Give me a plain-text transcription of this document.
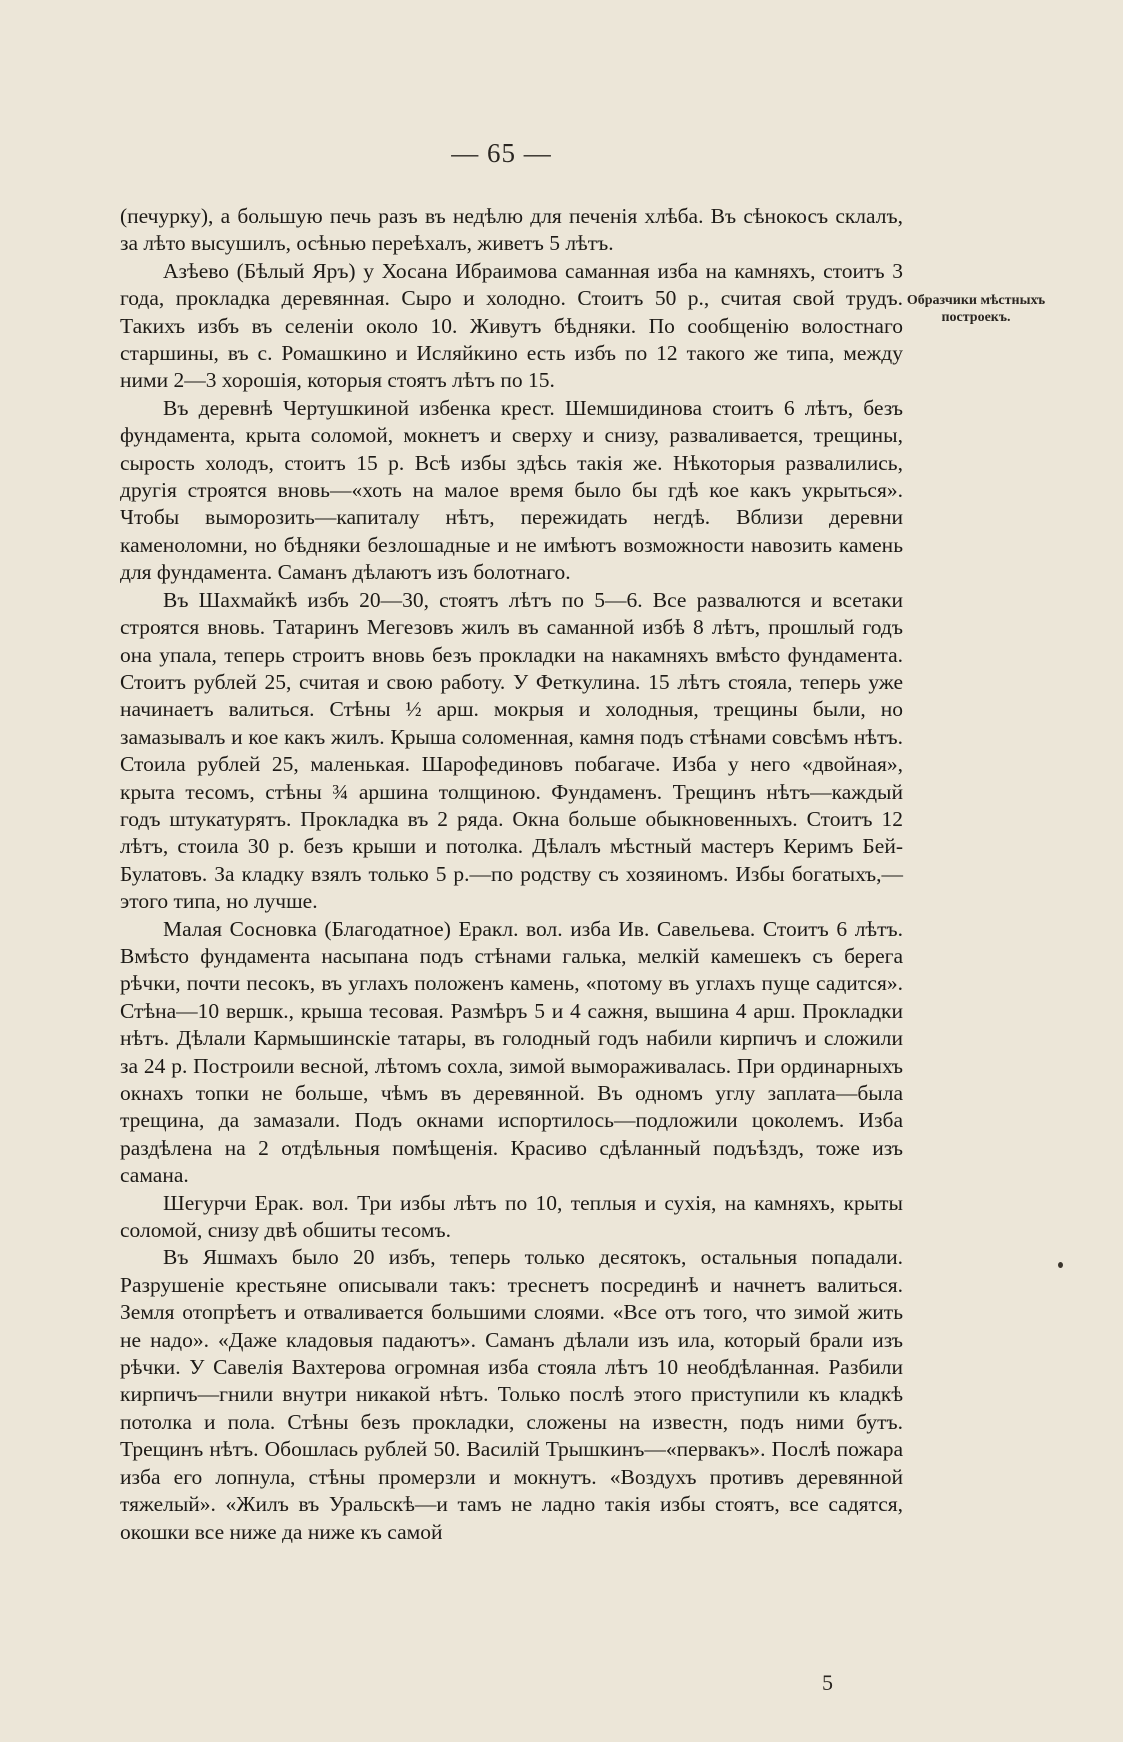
— 65 —

(печурку), а большую печь разъ въ недѣлю для печенія хлѣба. Въ сѣнокосъ склалъ, за лѣто высушилъ, осѣнью переѣхалъ, живетъ 5 лѣтъ.

Азѣево (Бѣлый Яръ) у Хосана Ибраимова саманная изба на камняхъ, стоитъ 3 года, прокладка деревянная. Сыро и холодно. Стоитъ 50 р., считая свой трудъ. Такихъ избъ въ селеніи около 10. Живутъ бѣдняки. По сообщенію волостнаго старшины, въ с. Ромашкино и Исляйкино есть избъ по 12 такого же типа, между ними 2—3 хорошія, которыя стоятъ лѣтъ по 15.

Въ деревнѣ Чертушкиной избенка крест. Шемшидинова стоитъ 6 лѣтъ, безъ фундамента, крыта соломой, мокнетъ и сверху и снизу, разваливается, трещины, сырость холодъ, стоитъ 15 р. Всѣ избы здѣсь такія же. Нѣкоторыя развалились, другія строятся вновь—«хоть на малое время было бы гдѣ кое какъ укрыться». Чтобы выморозить—капиталу нѣтъ, пережидать негдѣ. Вблизи деревни каменоломни, но бѣдняки безлошадные и не имѣютъ возможности навозить камень для фундамента. Саманъ дѣлаютъ изъ болотнаго.

Въ Шахмайкѣ избъ 20—30, стоятъ лѣтъ по 5—6. Все развалются и всетаки строятся вновь. Татаринъ Мегезовъ жилъ въ саманной избѣ 8 лѣтъ, прошлый годъ она упала, теперь строитъ вновь безъ прокладки на накамняхъ вмѣсто фундамента. Стоитъ рублей 25, считая и свою работу. У Феткулина. 15 лѣтъ стояла, теперь уже начинаетъ валиться. Стѣны ½ арш. мокрыя и холодныя, трещины были, но замазывалъ и кое какъ жилъ. Крыша соломенная, камня подъ стѣнами совсѣмъ нѣтъ. Стоила рублей 25, маленькая. Шарофединовъ побагаче. Изба у него «двойная», крыта тесомъ, стѣны ¾ аршина толщиною. Фундаменъ. Трещинъ нѣтъ—каждый годъ штукатурятъ. Прокладка въ 2 ряда. Окна больше обыкновенныхъ. Стоитъ 12 лѣтъ, стоила 30 р. безъ крыши и потолка. Дѣлалъ мѣстный мастеръ Керимъ Бей-Булатовъ. За кладку взялъ только 5 р.—по родству съ хозяиномъ. Избы богатыхъ,—этого типа, но лучше.

Малая Сосновка (Благодатное) Еракл. вол. изба Ив. Савельева. Стоитъ 6 лѣтъ. Вмѣсто фундамента насыпана подъ стѣнами галька, мелкій камешекъ съ берега рѣчки, почти песокъ, въ углахъ положенъ камень, «потому въ углахъ пуще садится». Стѣна—10 вершк., крыша тесовая. Размѣръ 5 и 4 сажня, вышина 4 арш. Прокладки нѣтъ. Дѣлали Кармышинскіе татары, въ голодный годъ набили кирпичъ и сложили за 24 р. Построили весной, лѣтомъ сохла, зимой вымораживалась. При ординарныхъ окнахъ топки не больше, чѣмъ въ деревянной. Въ одномъ углу заплата—была трещина, да замазали. Подъ окнами испортилось—подложили цоколемъ. Изба раздѣлена на 2 отдѣльныя помѣщенія. Красиво сдѣланный подъѣздъ, тоже изъ самана.

Шегурчи Ерак. вол. Три избы лѣтъ по 10, теплыя и сухія, на камняхъ, крыты соломой, снизу двѣ обшиты тесомъ.

Въ Яшмахъ было 20 избъ, теперь только десятокъ, остальныя попадали. Разрушеніе крестьяне описывали такъ: треснетъ посрединѣ и начнетъ валиться. Земля отопрѣетъ и отваливается большими слоями. «Все отъ того, что зимой жить не надо». «Даже кладовыя падаютъ». Саманъ дѣлали изъ ила, который брали изъ рѣчки. У Савелія Вахтерова огромная изба стояла лѣтъ 10 необдѣланная. Разбили кирпичъ—гнили внутри никакой нѣтъ. Только послѣ этого приступили къ кладкѣ потолка и пола. Стѣны безъ прокладки, сложены на известн, подъ ними бутъ. Трещинъ нѣтъ. Обошлась рублей 50. Василій Трышкинъ—«первакъ». Послѣ пожара изба его лопнула, стѣны промерзли и мокнутъ. «Воздухъ противъ деревянной тяжелый». «Жилъ въ Уральскѣ—и тамъ не ладно такія избы стоятъ, все садятся, окошки все ниже да ниже къ самой

Образчики мѣстныхъ построекъ.
5
